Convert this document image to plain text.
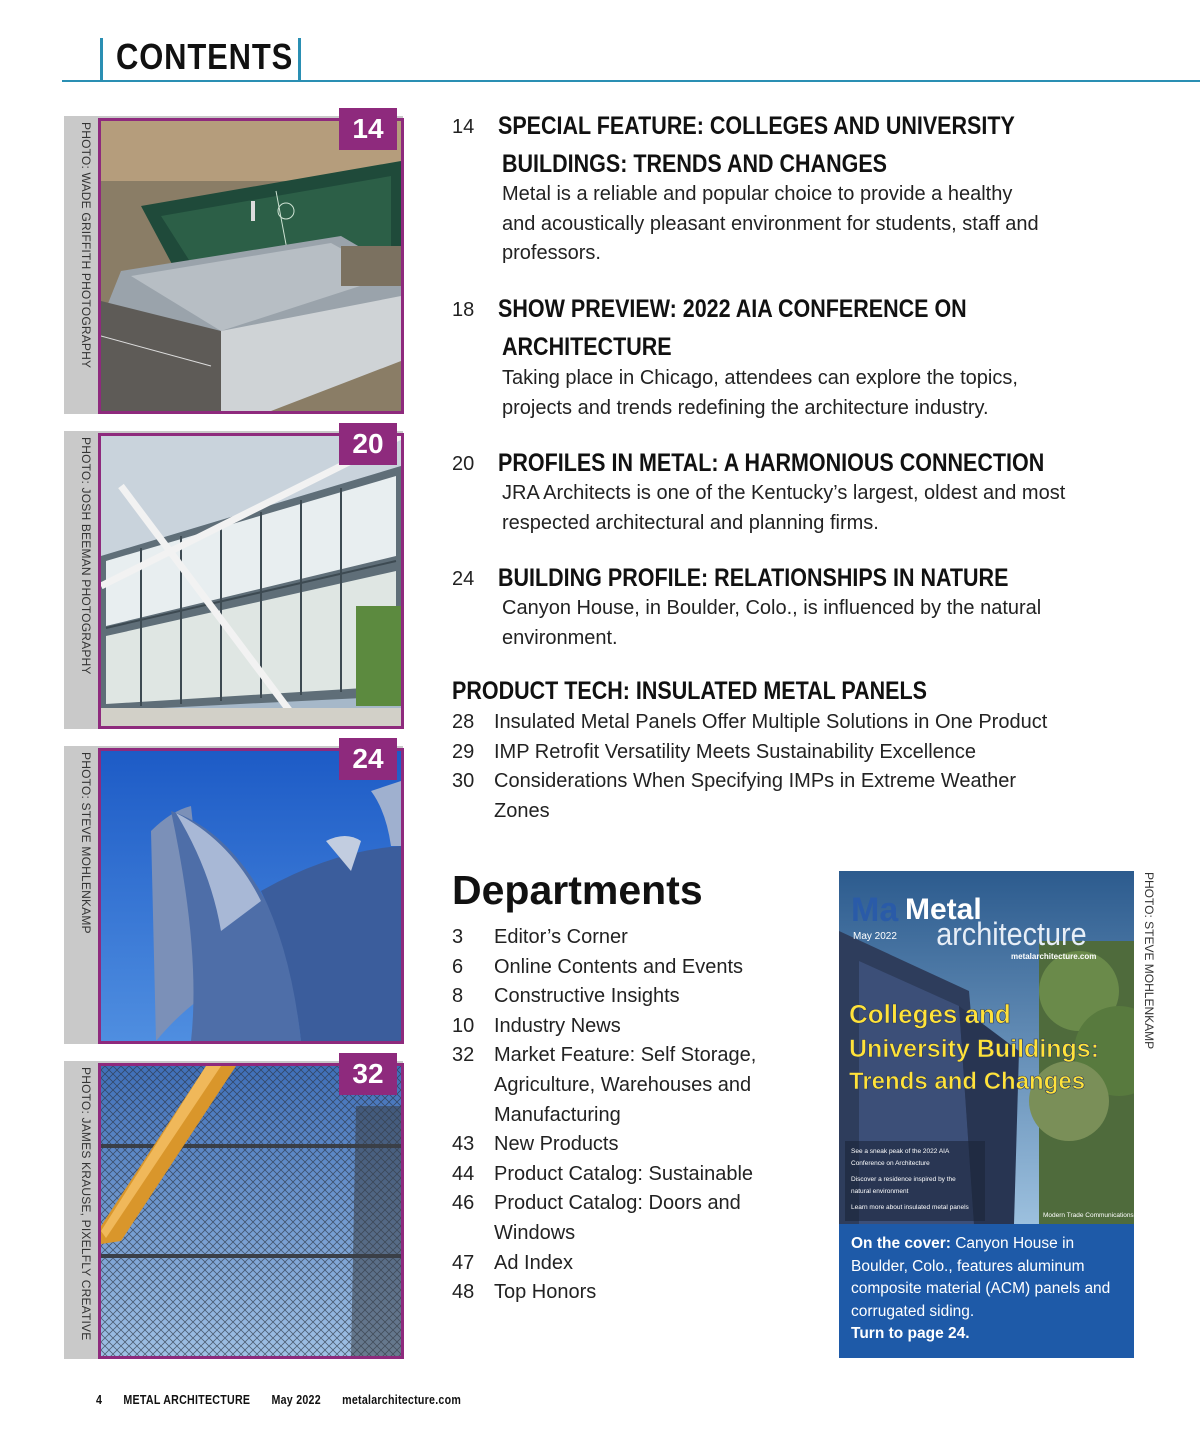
CONTENTS
PHOTO: WADE GRIFFITH PHOTOGRAPHY	14
PHOTO: JOSH BEEMAN PHOTOGRAPHY	20
PHOTO: STEVE MOHLENKAMP	24
PHOTO: JAMES KRAUSE, PIXELFLY CREATIVE	32
14 SPECIAL FEATURE: COLLEGES AND UNIVERSITY
BUILDINGS: TRENDS AND CHANGES
Metal is a reliable and popular choice to provide a healthy
and acoustically pleasant environment for students, staff and
professors.
18 SHOW PREVIEW: 2022 AIA CONFERENCE ON
ARCHITECTURE
Taking place in Chicago, attendees can explore the topics,
projects and trends redefining the architecture industry.
20 PROFILES IN METAL: A HARMONIOUS CONNECTION
JRA Architects is one of the Kentucky’s largest, oldest and most
respected architectural and planning firms.
24 BUILDING PROFILE: RELATIONSHIPS IN NATURE
Canyon House, in Boulder, Colo., is influenced by the natural
environment.
PRODUCT TECH: INSULATED METAL PANELS
28 Insulated Metal Panels Offer Multiple Solutions in One Product
29 IMP Retrofit Versatility Meets Sustainability Excellence
30 Considerations When Specifying IMPs in Extreme Weather
Zones
Departments
3 Editor’s Corner
6 Online Contents and Events
8 Constructive Insights
10 Industry News
32 Market Feature: Self Storage,
Agriculture, Warehouses and
Manufacturing
43 New Products
44 Product Catalog: Sustainable
46 Product Catalog: Doors and
Windows
47 Ad Index
48 Top Honors
PHOTO: STEVE MOHLENKAMP
Ma Metal
architecture
May 2022
metalarchitecture.com
Colleges and
University Buildings:
Trends and Changes
See a sneak peak of the 2022 AIA
Conference on Architecture
Discover a residence inspired by the
natural environment
Learn more about insulated metal panels
Modern Trade Communications
On the cover: Canyon House in Boulder, Colo., features aluminum composite material (ACM) panels and corrugated siding.
Turn to page 24.
4 METAL ARCHITECTURE May 2022 metalarchitecture.com
